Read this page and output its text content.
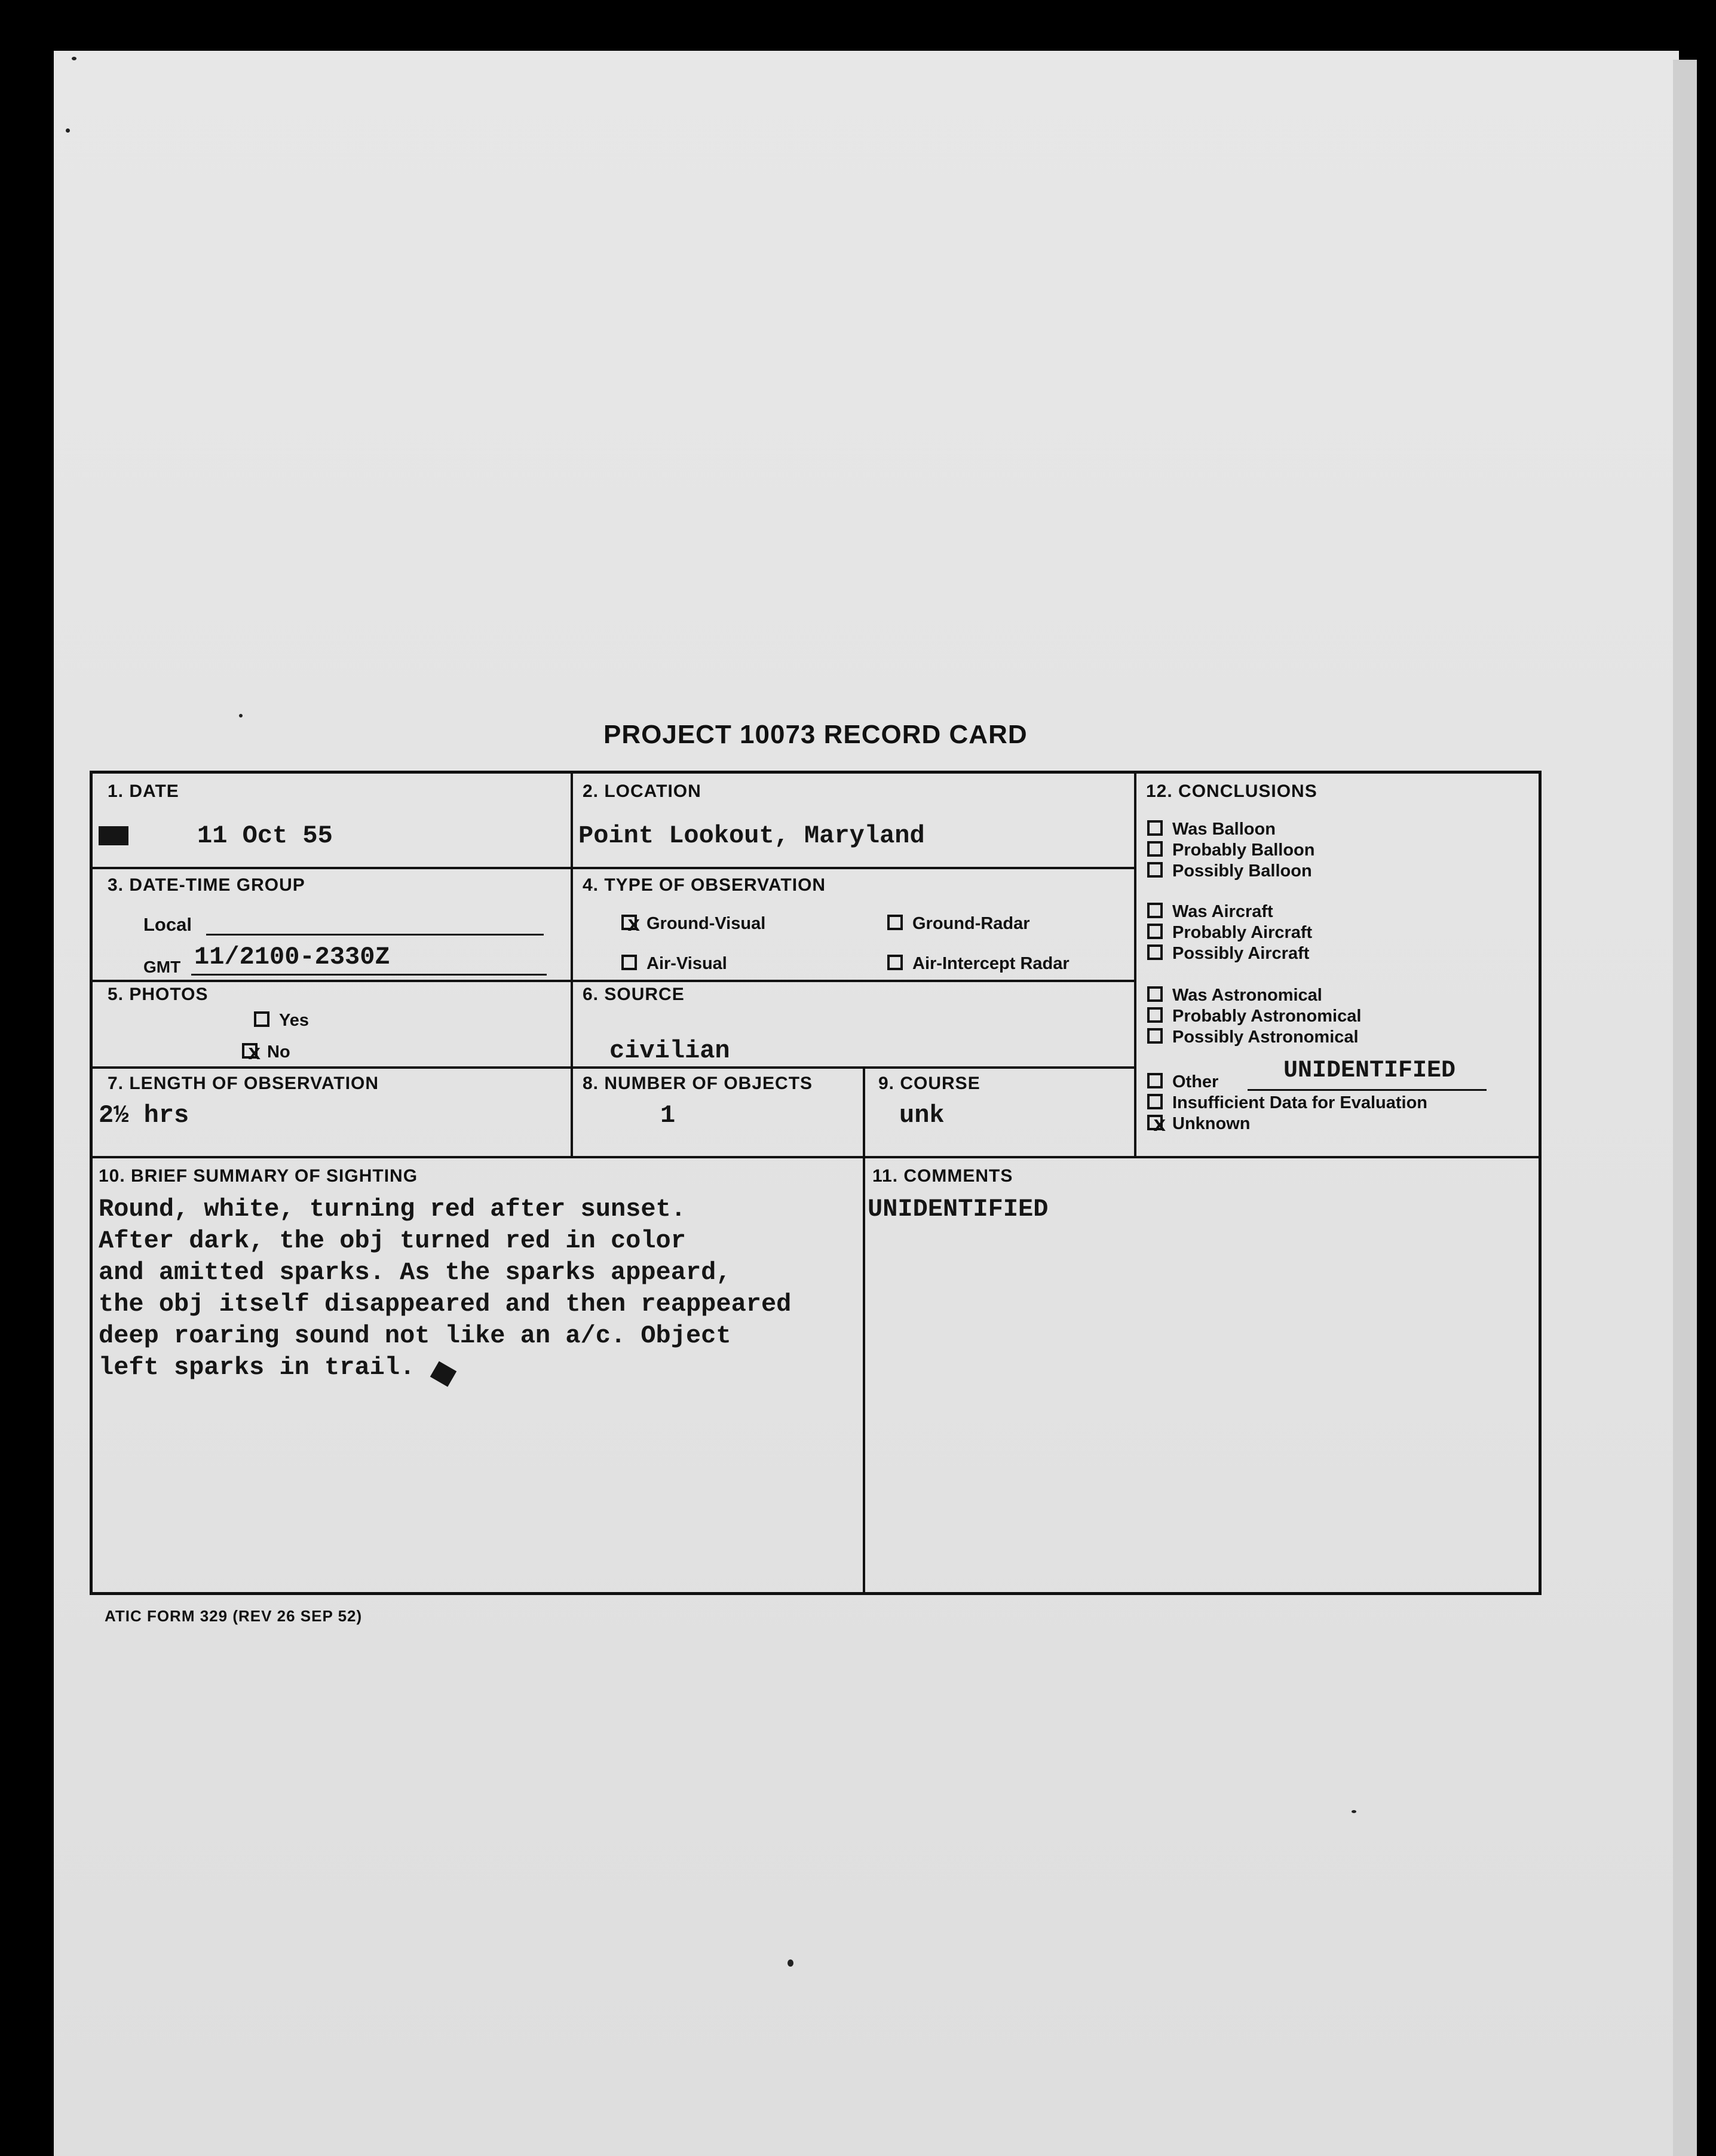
PROJECT 10073 RECORD CARD
1. DATE
11 Oct 55
2. LOCATION
Point Lookout, Maryland
3. DATE-TIME GROUP
Local
GMT 11/2100-2330Z
4. TYPE OF OBSERVATION
xGround-Visual	Ground-Radar
Air-Visual	Air-Intercept Radar
5. PHOTOS
Yes
xNo
6. SOURCE
civilian
7. LENGTH OF OBSERVATION
2½ hrs
8. NUMBER OF OBJECTS
1
9. COURSE
unk
10. BRIEF SUMMARY OF SIGHTING
Round, white, turning red after sunset.
After dark, the obj turned red in color
and amitted sparks. As the sparks appeard,
the obj itself disappeared and then reappeared
deep roaring sound not like an a/c. Object
left sparks in trail.
11. COMMENTS
UNIDENTIFIED
12. CONCLUSIONS
Was Balloon
Probably Balloon
Possibly Balloon
Was Aircraft
Probably Aircraft
Possibly Aircraft
Was Astronomical
Probably Astronomical
Possibly Astronomical
Other	UNIDENTIFIED
Insufficient Data for Evaluation
xUnknown
ATIC FORM 329 (REV 26 SEP 52)
